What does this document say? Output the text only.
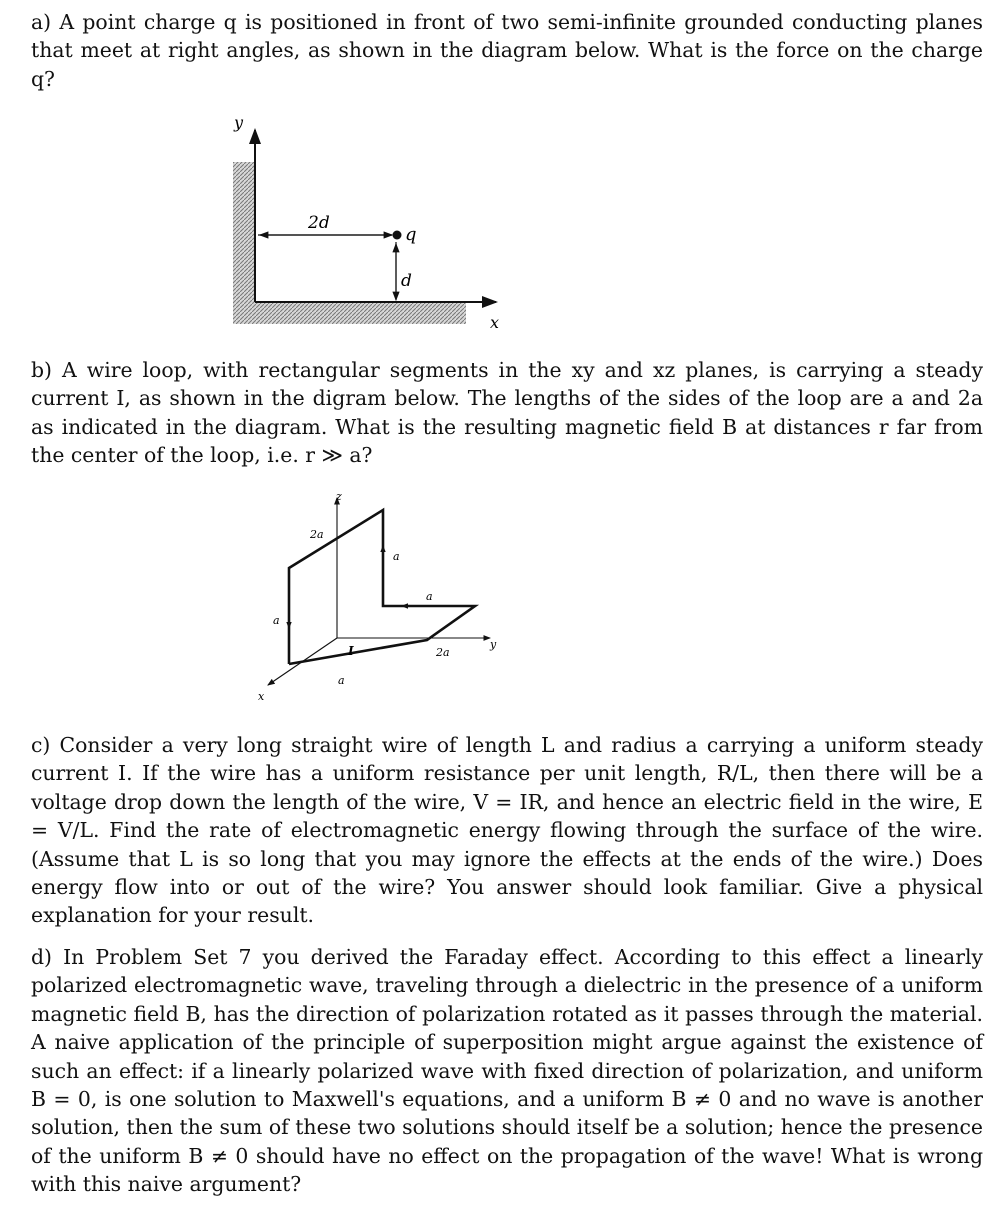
a) A point charge q is positioned in front of two semi-infinite grounded conducting planes that meet at right angles, as shown in the diagram below. What is the force on the charge q?

y
x
2d
q
d

b) A wire loop, with rectangular segments in the xy and xz planes, is carrying a steady current I, as shown in the digram below. The lengths of the sides of the loop are a and 2a as indicated in the diagram. What is the resulting magnetic field B at distances r far from the center of the loop, i.e. r ≫ a?

z
y
x
2a
a
a
a
I
a
2a

c) Consider a very long straight wire of length L and radius a carrying a uniform steady current I. If the wire has a uniform resistance per unit length, R/L, then there will be a voltage drop down the length of the wire, V = IR, and hence an electric field in the wire, E = V/L. Find the rate of electromagnetic energy flowing through the surface of the wire. (Assume that L is so long that you may ignore the effects at the ends of the wire.) Does energy flow into or out of the wire? You answer should look familiar. Give a physical explanation for your result.

d) In Problem Set 7 you derived the Faraday effect. According to this effect a linearly polarized electromagnetic wave, traveling through a dielectric in the presence of a uniform magnetic field B, has the direction of polarization rotated as it passes through the material. A naive application of the principle of superposition might argue against the existence of such an effect: if a linearly polarized wave with fixed direction of polarization, and uniform B = 0, is one solution to Maxwell's equations, and a uniform B ≠ 0 and no wave is another solution, then the sum of these two solutions should itself be a solution; hence the presence of the uniform B ≠ 0 should have no effect on the propagation of the wave! What is wrong with this naive argument?
